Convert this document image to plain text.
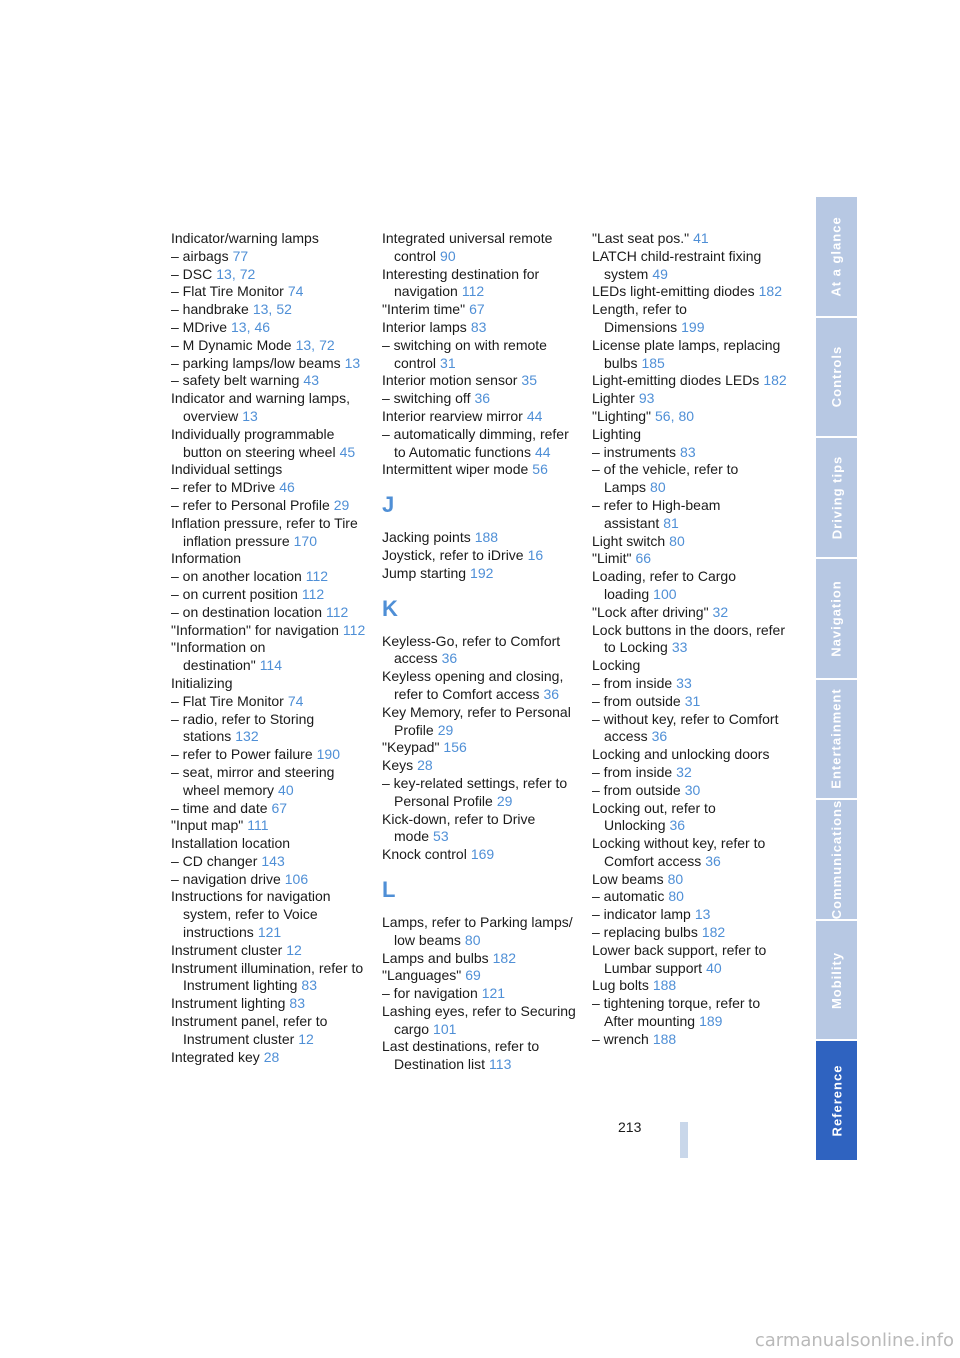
Indicator/warning lamps
– airbags 77
– DSC 13, 72
– Flat Tire Monitor 74
– handbrake 13, 52
– MDrive 13, 46
– M Dynamic Mode 13, 72
– parking lamps/low beams 13
– safety belt warning 43
Indicator and warning lamps, overview 13
Individually programmable button on steering wheel 45
Individual settings
– refer to MDrive 46
– refer to Personal Profile 29
Inflation pressure, refer to Tire inflation pressure 170
Information
– on another location 112
– on current position 112
– on destination location 112
"Information" for navigation 112
"Information on destination" 114
Initializing
– Flat Tire Monitor 74
– radio, refer to Storing stations 132
– refer to Power failure 190
– seat, mirror and steering wheel memory 40
– time and date 67
"Input map" 111
Installation location
– CD changer 143
– navigation drive 106
Instructions for navigation system, refer to Voice instructions 121
Instrument cluster 12
Instrument illumination, refer to Instrument lighting 83
Instrument lighting 83
Instrument panel, refer to Instrument cluster 12
Integrated key 28
Integrated universal remote control 90
Interesting destination for navigation 112
"Interim time" 67
Interior lamps 83
– switching on with remote control 31
Interior motion sensor 35
– switching off 36
Interior rearview mirror 44
– automatically dimming, refer to Automatic functions 44
Intermittent wiper mode 56
J
Jacking points 188
Joystick, refer to iDrive 16
Jump starting 192
K
Keyless-Go, refer to Comfort access 36
Keyless opening and closing, refer to Comfort access 36
Key Memory, refer to Personal Profile 29
"Keypad" 156
Keys 28
– key-related settings, refer to Personal Profile 29
Kick-down, refer to Drive mode 53
Knock control 169
L
Lamps, refer to Parking lamps/ low beams 80
Lamps and bulbs 182
"Languages" 69
– for navigation 121
Lashing eyes, refer to Securing cargo 101
Last destinations, refer to Destination list 113
"Last seat pos." 41
LATCH child-restraint fixing system 49
LEDs light-emitting diodes 182
Length, refer to Dimensions 199
License plate lamps, replacing bulbs 185
Light-emitting diodes LEDs 182
Lighter 93
"Lighting" 56, 80
Lighting
– instruments 83
– of the vehicle, refer to Lamps 80
– refer to High-beam assistant 81
Light switch 80
"Limit" 66
Loading, refer to Cargo loading 100
"Lock after driving" 32
Lock buttons in the doors, refer to Locking 33
Locking
– from inside 33
– from outside 31
– without key, refer to Comfort access 36
Locking and unlocking doors
– from inside 32
– from outside 30
Locking out, refer to Unlocking 36
Locking without key, refer to Comfort access 36
Low beams 80
– automatic 80
– indicator lamp 13
– replacing bulbs 182
Lower back support, refer to Lumbar support 40
Lug bolts 188
– tightening torque, refer to After mounting 189
– wrench 188
213
At a glance
Controls
Driving tips
Navigation
Entertainment
Communications
Mobility
Reference
carmanualsonline.info
